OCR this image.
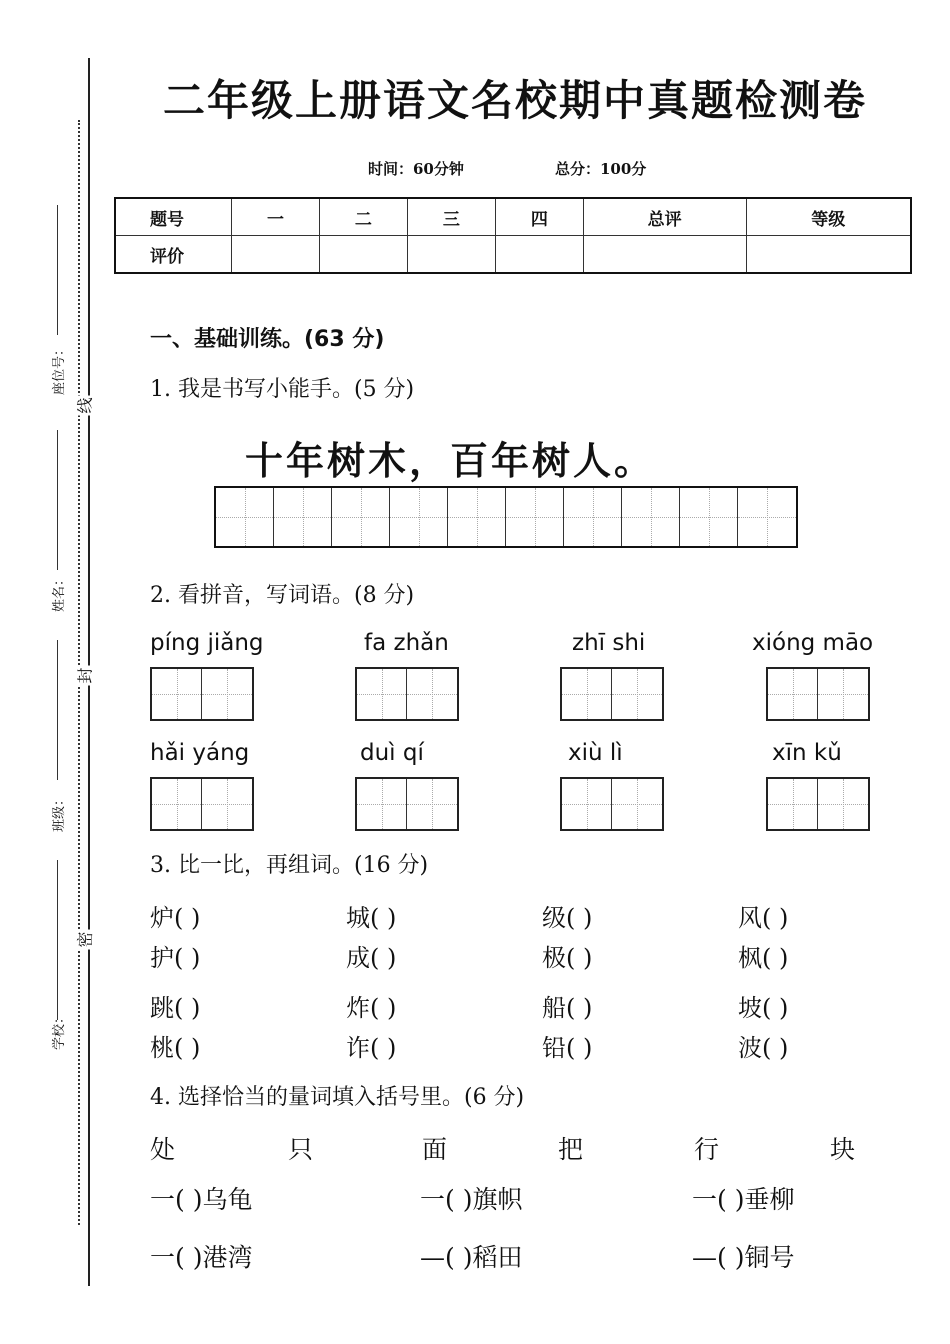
座位号：
姓名：
班级：
学校：
线
封
密
二年级上册语文名校期中真题检测卷
时间：60分钟	总分：100分
题号	一	二	三	四	总评	等级
评价						
一、基础训练。(63 分)
1. 我是书写小能手。(5 分)
十年树木，百年树人。
2. 看拼音，写词语。(8 分)
píng jiǎng	fa zhǎn	zhī shi	xióng māo
hǎi yáng	duì qí	xiù lì	xīn kǔ
3. 比一比，再组词。(16 分)
炉( )	城( )	级( )	风( )
护( )	成( )	极( )	枫( )
跳( )	炸( )	船( )	坡( )
桃( )	诈( )	铅( )	波( )
4. 选择恰当的量词填入括号里。(6 分)
处	只	面	把	行	块
一( )乌龟	一( )旗帜	一( )垂柳
一( )港湾	—( )稻田	—( )铜号
